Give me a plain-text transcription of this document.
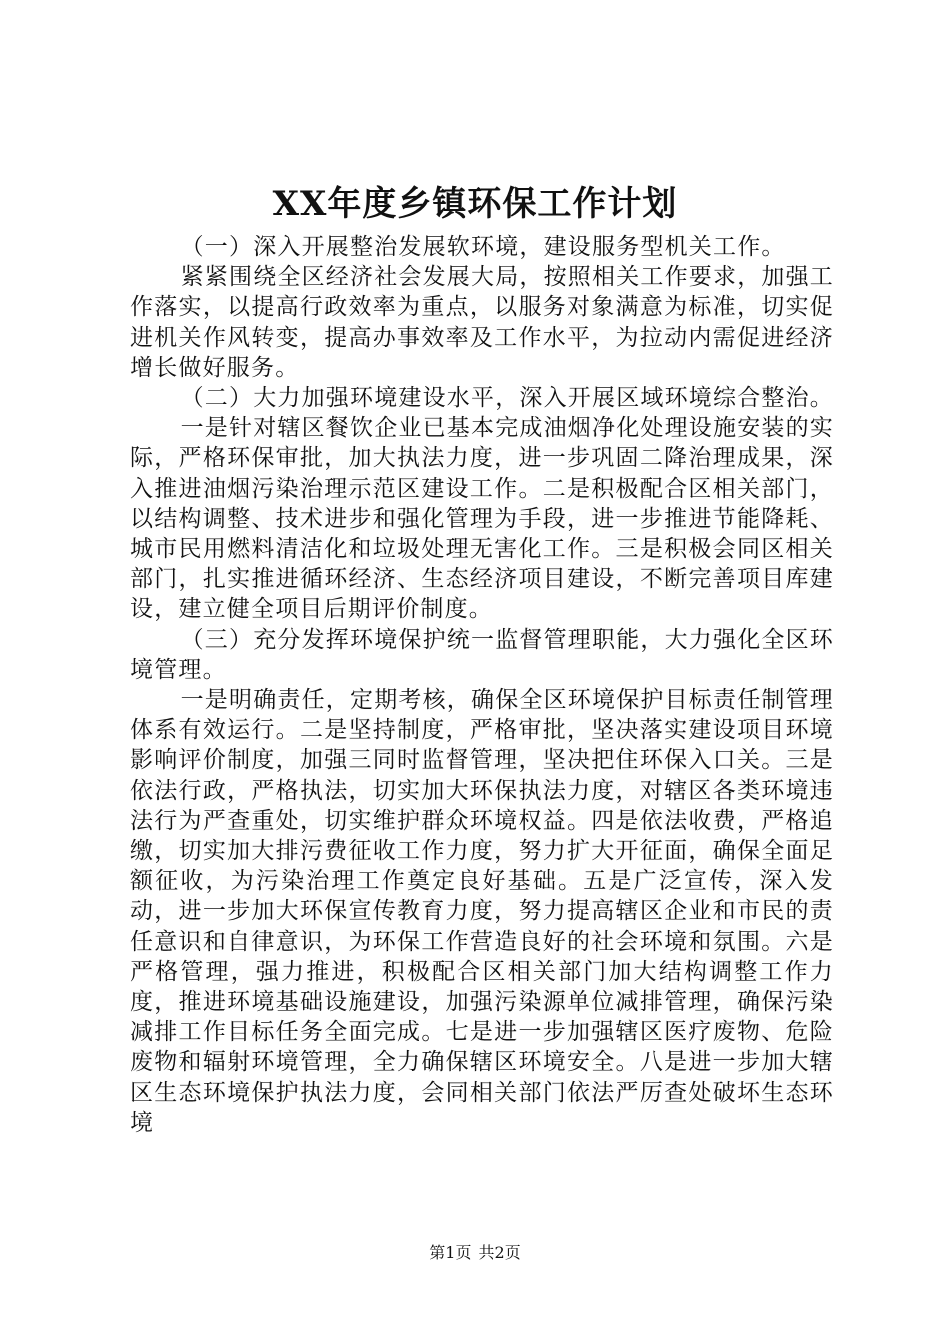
XX年度乡镇环保工作计划

（一）深入开展整治发展软环境，建设服务型机关工作。

紧紧围绕全区经济社会发展大局，按照相关工作要求，加强工作落实，以提高行政效率为重点，以服务对象满意为标准，切实促进机关作风转变，提高办事效率及工作水平，为拉动内需促进经济增长做好服务。

（二）大力加强环境建设水平，深入开展区域环境综合整治。

一是针对辖区餐饮企业已基本完成油烟净化处理设施安装的实际，严格环保审批，加大执法力度，进一步巩固二降治理成果，深入推进油烟污染治理示范区建设工作。二是积极配合区相关部门，以结构调整、技术进步和强化管理为手段，进一步推进节能降耗、城市民用燃料清洁化和垃圾处理无害化工作。三是积极会同区相关部门，扎实推进循环经济、生态经济项目建设，不断完善项目库建设，建立健全项目后期评价制度。

（三）充分发挥环境保护统一监督管理职能，大力强化全区环境管理。

一是明确责任，定期考核，确保全区环境保护目标责任制管理体系有效运行。二是坚持制度，严格审批，坚决落实建设项目环境影响评价制度，加强三同时监督管理，坚决把住环保入口关。三是依法行政，严格执法，切实加大环保执法力度，对辖区各类环境违法行为严查重处，切实维护群众环境权益。四是依法收费，严格追缴，切实加大排污费征收工作力度，努力扩大开征面，确保全面足额征收，为污染治理工作奠定良好基础。五是广泛宣传，深入发动，进一步加大环保宣传教育力度，努力提高辖区企业和市民的责任意识和自律意识，为环保工作营造良好的社会环境和氛围。六是严格管理，强力推进，积极配合区相关部门加大结构调整工作力度，推进环境基础设施建设，加强污染源单位减排管理，确保污染减排工作目标任务全面完成。七是进一步加强辖区医疗废物、危险废物和辐射环境管理，全力确保辖区环境安全。八是进一步加大辖区生态环境保护执法力度，会同相关部门依法严厉查处破坏生态环境

第1页 共2页
